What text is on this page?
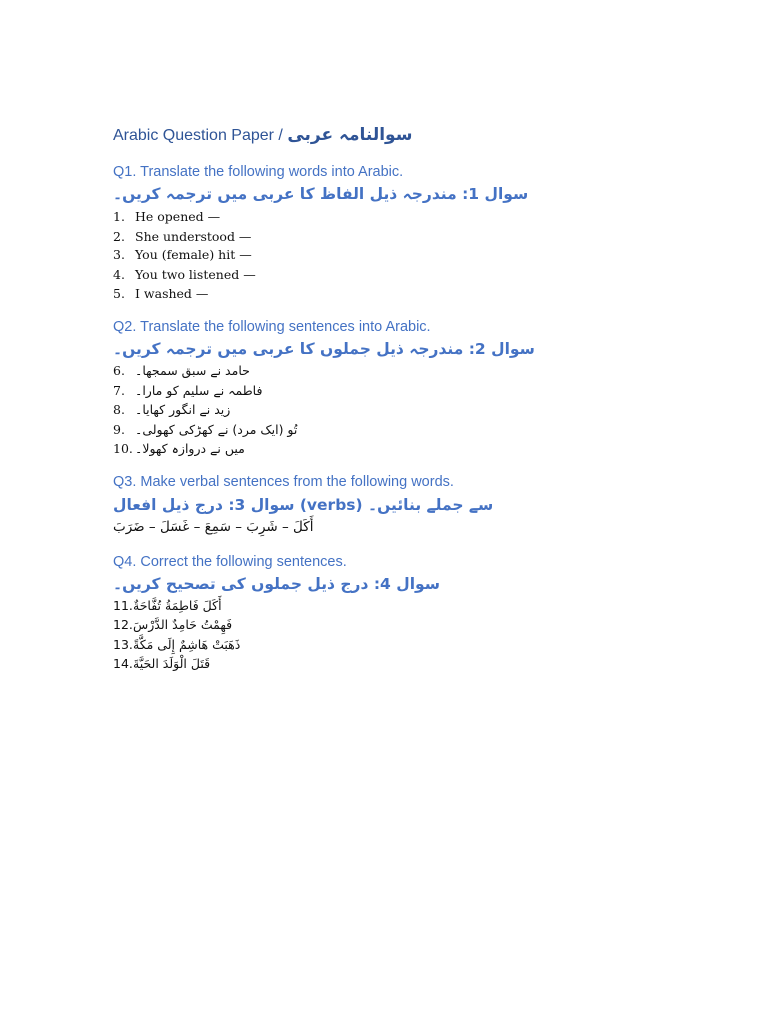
Arabic Question Paper / سوالنامہ عربی
Q1. Translate the following words into Arabic.
سوال 1: مندرجہ ذیل الفاظ کا عربی میں ترجمہ کریں۔
1. He opened —
2. She understood —
3. You (female) hit —
4. You two listened —
5. I washed —
Q2. Translate the following sentences into Arabic.
سوال 2: مندرجہ ذیل جملوں کا عربی میں ترجمہ کریں۔
6. حامد نے سبق سمجھا۔
7. فاطمہ نے سلیم کو مارا۔
8. زید نے انگور کھایا۔
9. تُو (ایک مرد) نے کھڑکی کھولی۔
10. میں نے دروازہ کھولا۔
Q3. Make verbal sentences from the following words.
سوال 3: درج ذیل افعال (verbs) سے جملے بنائیں۔
أَكَلَ – شَرِبَ – سَمِعَ – غَسَلَ – ضَرَبَ
Q4. Correct the following sentences.
سوال 4: درج ذیل جملوں کی تصحیح کریں۔
11.أَكَلَ فَاطِمَةُ تُفَّاحَةٌ
12.فَهِمْتُ حَامِدٌ الدَّرْسَ
13.ذَهَبَتْ هَاشِمٌ إِلَى مَكَّةً
14.قَتَلَ الْوَلَدَ الحَيَّةَ
